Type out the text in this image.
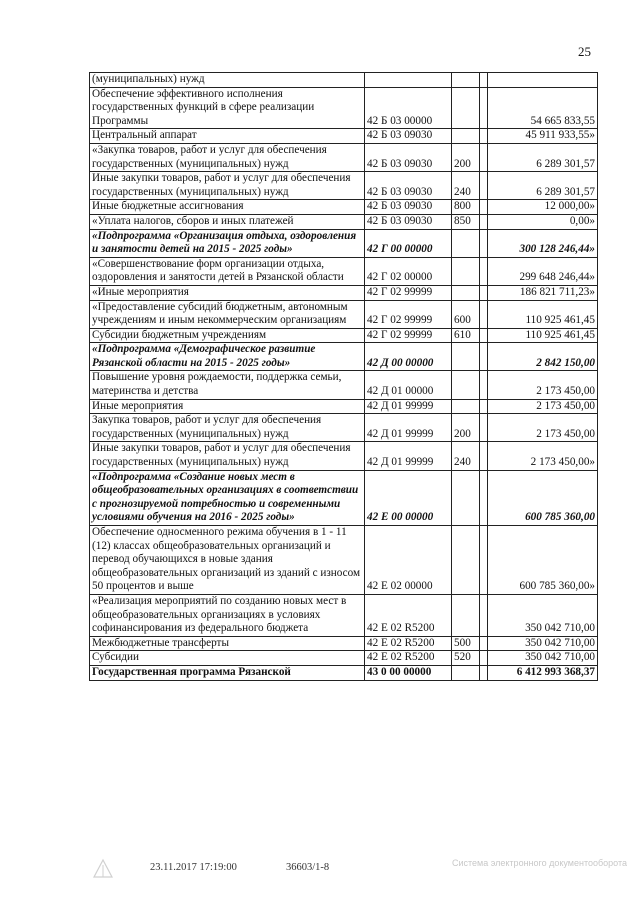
25
(муниципальных) нужд				
Обеспечение эффективного исполнения государственных функций в сфере реализации Программы	42 Б 03 00000			54 665 833,55
Центральный аппарат	42 Б 03 09030			45 911 933,55»
«Закупка товаров, работ и услуг для обеспечения государственных (муниципальных) нужд	42 Б 03 09030	200		6 289 301,57
Иные закупки товаров, работ и услуг для обеспечения государственных (муниципальных) нужд	42 Б 03 09030	240		6 289 301,57
Иные бюджетные ассигнования	42 Б 03 09030	800		12 000,00»
«Уплата налогов, сборов и иных платежей	42 Б 03 09030	850		0,00»
«Подпрограмма «Организация отдыха, оздоровления и занятости детей на 2015 - 2025 годы»	42 Г 00 00000			300 128 246,44»
«Совершенствование форм организации отдыха, оздоровления и занятости детей в Рязанской области	42 Г 02 00000			299 648 246,44»
«Иные мероприятия	42 Г 02 99999			186 821 711,23»
«Предоставление субсидий бюджетным, автономным учреждениям и иным некоммерческим организациям	42 Г 02 99999	600		110 925 461,45
Субсидии бюджетным учреждениям	42 Г 02 99999	610		110 925 461,45
«Подпрограмма «Демографическое развитие Рязанской области на 2015 - 2025 годы»	42 Д 00 00000			2 842 150,00
Повышение уровня рождаемости, поддержка семьи, материнства и детства	42 Д 01 00000			2 173 450,00
Иные мероприятия	42 Д 01 99999			2 173 450,00
Закупка товаров, работ и услуг для обеспечения государственных (муниципальных) нужд	42 Д 01 99999	200		2 173 450,00
Иные закупки товаров, работ и услуг для обеспечения государственных (муниципальных) нужд	42 Д 01 99999	240		2 173 450,00»
«Подпрограмма «Создание новых мест в общеобразовательных организациях в соответствии с прогнозируемой потребностью и современными условиями обучения на 2016 - 2025 годы»	42 Е 00 00000			600 785 360,00
Обеспечение односменного режима обучения в 1 - 11 (12) классах общеобразовательных организаций и перевод обучающихся в новые здания общеобразовательных организаций из зданий с износом 50 процентов и выше	42 Е 02 00000			600 785 360,00»
«Реализация мероприятий по созданию новых мест в общеобразовательных организациях в условиях софинансирования из федерального бюджета	42 Е 02 R5200			350 042 710,00
Межбюджетные трансферты	42 Е 02 R5200	500		350 042 710,00
Субсидии	42 Е 02 R5200	520		350 042 710,00
Государственная программа Рязанской	43 0 00 00000			6 412 993 368,37
23.11.2017 17:19:00	36603/1-8	Система электронного документооборота
